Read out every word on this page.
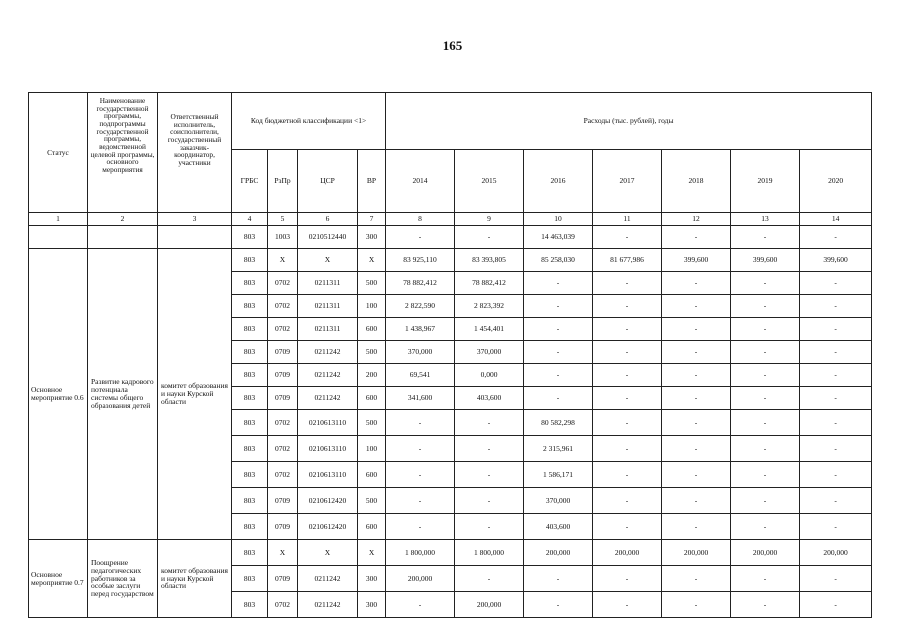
165
Статус	Наименование государственной программы, подпрограммы государственной программы, ведомственной целевой программы, основного мероприятия	Ответственный исполнитель, соисполнители, государственный заказчик-координатор, участники	Код бюджетной классификации <1>				Расходы (тыс. рублей), годы						
			ГРБС	РзПр	ЦСР	ВР	2014	2015	2016	2017	2018	2019	2020
1	2	3	4	5	6	7	8	9	10	11	12	13	14
			803	1003	0210512440	300	-	-	14 463,039	-	-	-	-
Основное мероприятие 0.6	Развитие кадрового потенциала системы общего образования детей	комитет образования и науки Курской области	803	X	X	X	83 925,110	83 393,805	85 258,030	81 677,986	399,600	399,600	399,600
			803	0702	0211311	500	78 882,412	78 882,412	-	-	-	-	-
			803	0702	0211311	100	2 822,590	2 823,392	-	-	-	-	-
			803	0702	0211311	600	1 438,967	1 454,401	-	-	-	-	-
			803	0709	0211242	500	370,000	370,000	-	-	-	-	-
			803	0709	0211242	200	69,541	0,000	-	-	-	-	-
			803	0709	0211242	600	341,600	403,600	-	-	-	-	-
			803	0702	0210613110	500	-	-	80 582,298	-	-	-	-
			803	0702	0210613110	100	-	-	2 315,961	-	-	-	-
			803	0702	0210613110	600	-	-	1 586,171	-	-	-	-
			803	0709	0210612420	500	-	-	370,000	-	-	-	-
			803	0709	0210612420	600	-	-	403,600	-	-	-	-
Основное мероприятие 0.7	Поощрение педагогических работников за особые заслуги перед государством	комитет образования и науки Курской области	803	X	X	X	1 800,000	1 800,000	200,000	200,000	200,000	200,000	200,000
			803	0709	0211242	300	200,000	-	-	-	-	-	-
			803	0702	0211242	300	-	200,000	-	-	-	-	-
